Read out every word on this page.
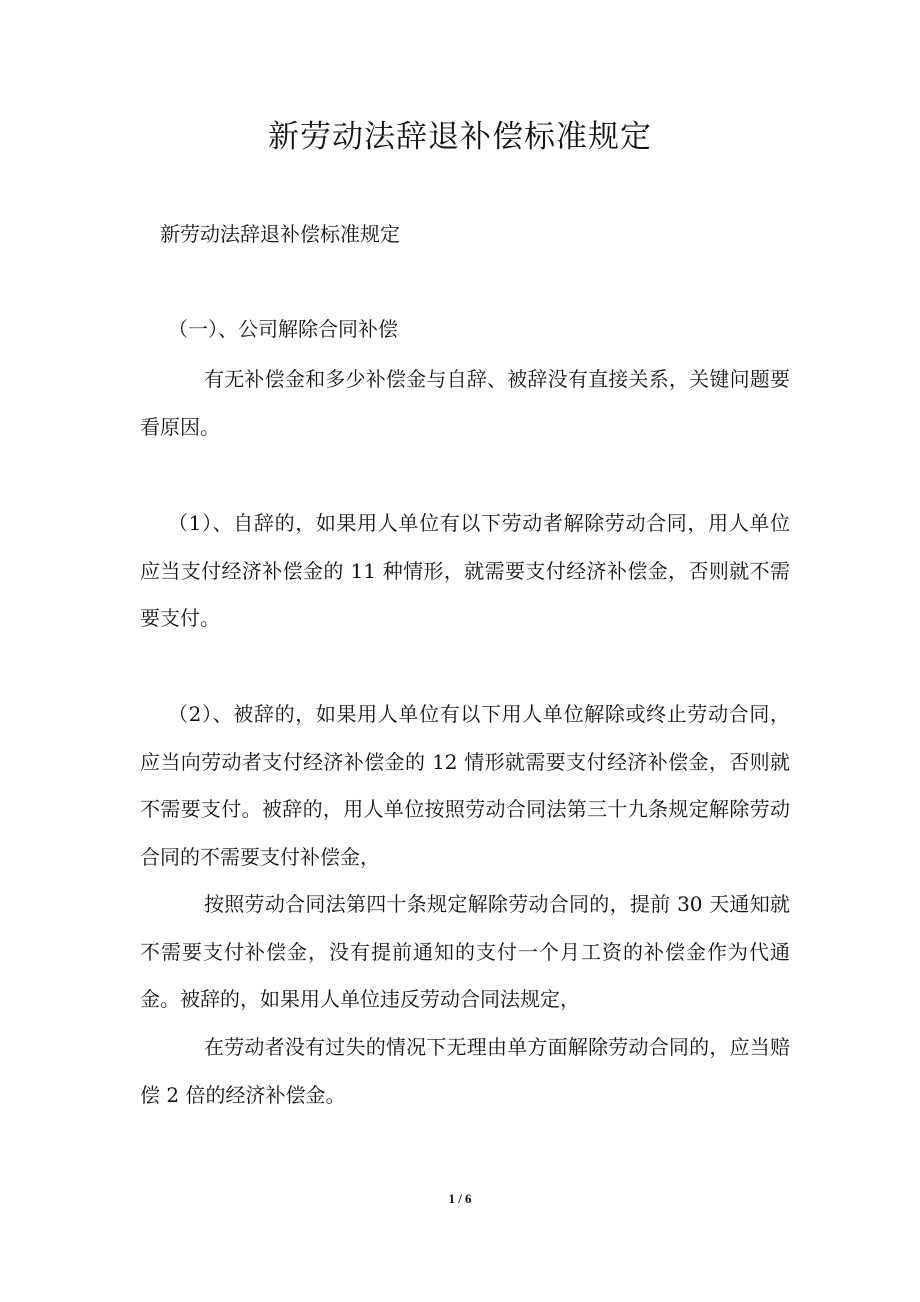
新劳动法辞退补偿标准规定
新劳动法辞退补偿标准规定
（一）、公司解除合同补偿

有无补偿金和多少补偿金与自辞、被辞没有直接关系，关键问题要看原因。

（1）、自辞的，如果用人单位有以下劳动者解除劳动合同，用人单位应当支付经济补偿金的 11 种情形，就需要支付经济补偿金，否则就不需要支付。

（2）、被辞的，如果用人单位有以下用人单位解除或终止劳动合同，应当向劳动者支付经济补偿金的 12 情形就需要支付经济补偿金，否则就不需要支付。被辞的，用人单位按照劳动合同法第三十九条规定解除劳动合同的不需要支付补偿金，

按照劳动合同法第四十条规定解除劳动合同的，提前 30 天通知就不需要支付补偿金，没有提前通知的支付一个月工资的补偿金作为代通金。被辞的，如果用人单位违反劳动合同法规定，

在劳动者没有过失的情况下无理由单方面解除劳动合同的，应当赔偿 2 倍的经济补偿金。

1 / 6
